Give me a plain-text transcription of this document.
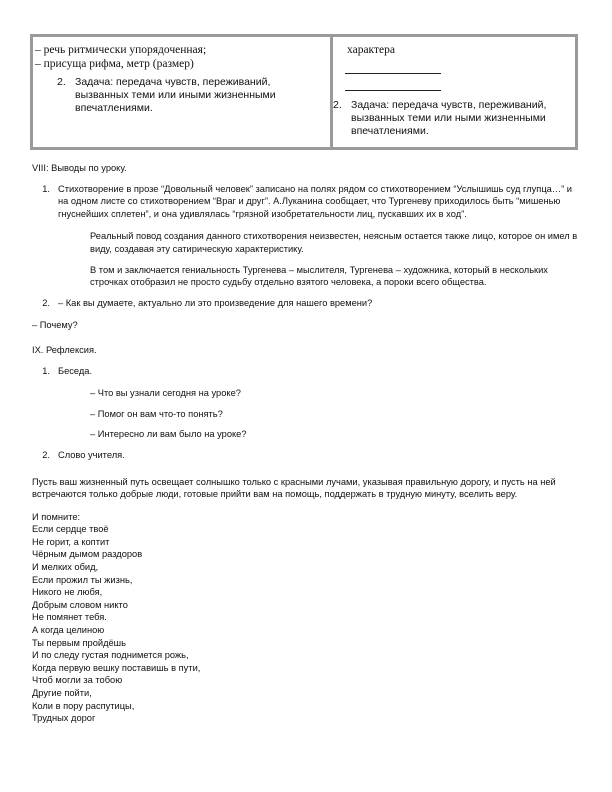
– речь ритмически упорядоченная;
– присуща рифма, метр (размер)
2. Задача: передача чувств, переживаний, вызванных теми или иными жизненными впечатлениями.
характера
2. Задача: передача чувств, переживаний, вызванных теми или ными жизненными впечатлениями.
VIII: Выводы по уроку.
1. Стихотворение в прозе “Довольный человек” записано на полях рядом со стихотворением “Услышишь суд глупца…” и на одном листе со стихотворением “Враг и друг”. А.Луканина сообщает, что Тургеневу приходилось быть “мишенью гнуснейших сплетен”, и она удивлялась “грязной изобретательности лиц, пускавших их в ход”.
Реальный повод создания данного стихотворения неизвестен, неясным остается также лицо, которое он имел в виду, создавая эту сатирическую характеристику.
В том и заключается гениальность Тургенева – мыслителя, Тургенева – художника, который в нескольких строчках отобразил не просто судьбу отдельно взятого человека, а пороки всего общества.
2. – Как вы думаете, актуально ли это произведение для нашего времени?
– Почему?
IX. Рефлексия.
1. Беседа.
– Что вы узнали сегодня на уроке?
– Помог он вам что-то понять?
– Интересно ли вам было на уроке?
2. Слово учителя.
Пусть ваш жизненный путь освещает солнышко только с красными лучами, указывая правильную дорогу, и пусть на ней встречаются только добрые люди, готовые прийти вам на помощь, поддержать в трудную минуту, вселить веру.
И помните:
Если сердце твоё
Не горит, а коптит
Чёрным дымом раздоров
И мелких обид,
Если прожил ты жизнь,
Никого не любя,
Добрым словом никто
Не помянет тебя.
А когда целиною
Ты первым пройдёшь
И по следу густая поднимется рожь,
Когда первую вешку поставишь в пути,
Чтоб могли за тобою
Другие пойти,
Коли в пору распутицы,
Трудных дорог
